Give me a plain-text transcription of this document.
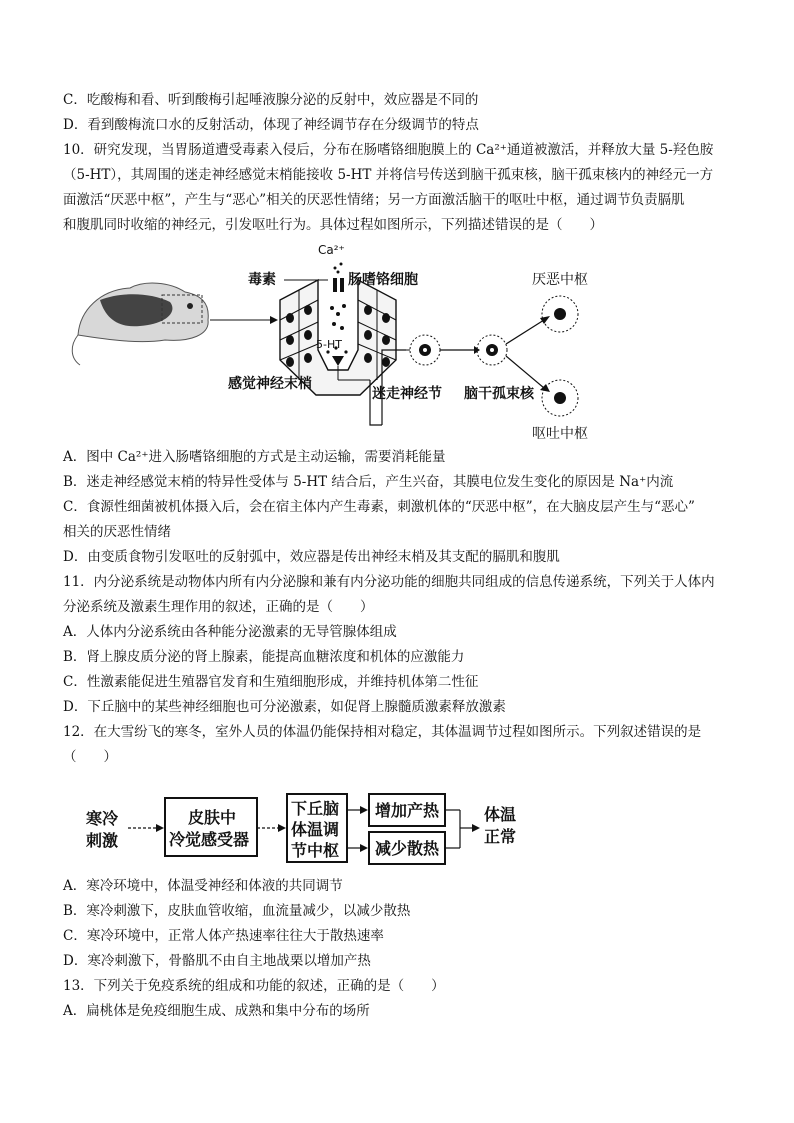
C．吃酸梅和看、听到酸梅引起唾液腺分泌的反射中，效应器是不同的
D．看到酸梅流口水的反射活动，体现了神经调节存在分级调节的特点
10．研究发现，当胃肠道遭受毒素入侵后，分布在肠嗜铬细胞膜上的 Ca²⁺通道被激活，并释放大量 5-羟色胺
（5-HT），其周围的迷走神经感觉末梢能接收 5-HT 并将信号传送到脑干孤束核，脑干孤束核内的神经元一方
面激活“厌恶中枢”，产生与“恶心”相关的厌恶性情绪；另一方面激活脑干的呕吐中枢，通过调节负责膈肌
和腹肌同时收缩的神经元，引发呕吐行为。具体过程如图所示，下列描述错误的是（　　）
Ca²⁺
毒素	肠嗜铬细胞
5-HT
感觉神经末梢
迷走神经节 脑干孤束核
厌恶中枢
呕吐中枢
A．图中 Ca²⁺进入肠嗜铬细胞的方式是主动运输，需要消耗能量
B．迷走神经感觉末梢的特异性受体与 5-HT 结合后，产生兴奋，其膜电位发生变化的原因是 Na⁺内流
C．食源性细菌被机体摄入后，会在宿主体内产生毒素，刺激机体的“厌恶中枢”，在大脑皮层产生与“恶心”
相关的厌恶性情绪
D．由变质食物引发呕吐的反射弧中，效应器是传出神经末梢及其支配的膈肌和腹肌
11．内分泌系统是动物体内所有内分泌腺和兼有内分泌功能的细胞共同组成的信息传递系统，下列关于人体内
分泌系统及激素生理作用的叙述，正确的是（　　）
A．人体内分泌系统由各种能分泌激素的无导管腺体组成
B．肾上腺皮质分泌的肾上腺素，能提高血糖浓度和机体的应激能力
C．性激素能促进生殖器官发育和生殖细胞形成，并维持机体第二性征
D．下丘脑中的某些神经细胞也可分泌激素，如促肾上腺髓质激素释放激素
12．在大雪纷飞的寒冬，室外人员的体温仍能保持相对稳定，其体温调节过程如图所示。下列叙述错误的是
（　　）
寒冷
刺激
皮肤中
冷觉感受器
下丘脑
体温调
节中枢
增加产热
减少散热
体温
正常
A．寒冷环境中，体温受神经和体液的共同调节
B．寒冷刺激下，皮肤血管收缩，血流量减少，以减少散热
C．寒冷环境中，正常人体产热速率往往大于散热速率
D．寒冷刺激下，骨骼肌不由自主地战栗以增加产热
13．下列关于免疫系统的组成和功能的叙述，正确的是（　　）
A．扁桃体是免疫细胞生成、成熟和集中分布的场所
